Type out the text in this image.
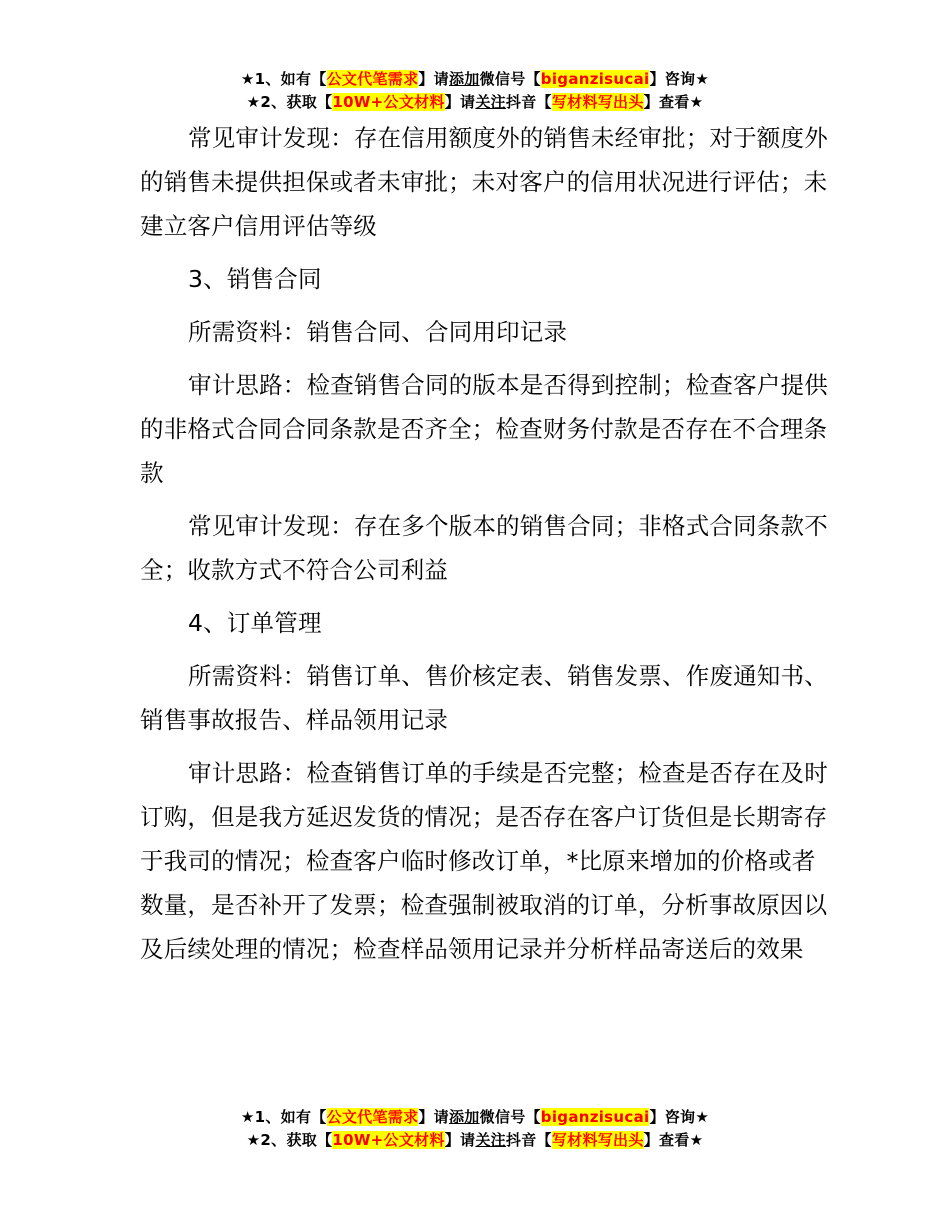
★1、如有【公文代笔需求】请添加微信号【biganzisucai】咨询★
★2、获取【10W+公文材料】请关注抖音【写材料写出头】查看★

常见审计发现：存在信用额度外的销售未经审批；对于额度外的销售未提供担保或者未审批；未对客户的信用状况进行评估；未建立客户信用评估等级

3、销售合同

所需资料：销售合同、合同用印记录

审计思路：检查销售合同的版本是否得到控制；检查客户提供的非格式合同合同条款是否齐全；检查财务付款是否存在不合理条款

常见审计发现：存在多个版本的销售合同；非格式合同条款不全；收款方式不符合公司利益

4、订单管理

所需资料：销售订单、售价核定表、销售发票、作废通知书、销售事故报告、样品领用记录

审计思路：检查销售订单的手续是否完整；检查是否存在及时订购，但是我方延迟发货的情况；是否存在客户订货但是长期寄存于我司的情况；检查客户临时修改订单，*比原来增加的价格或者数量，是否补开了发票；检查强制被取消的订单，分析事故原因以及后续处理的情况；检查样品领用记录并分析样品寄送后的效果

★1、如有【公文代笔需求】请添加微信号【biganzisucai】咨询★
★2、获取【10W+公文材料】请关注抖音【写材料写出头】查看★
